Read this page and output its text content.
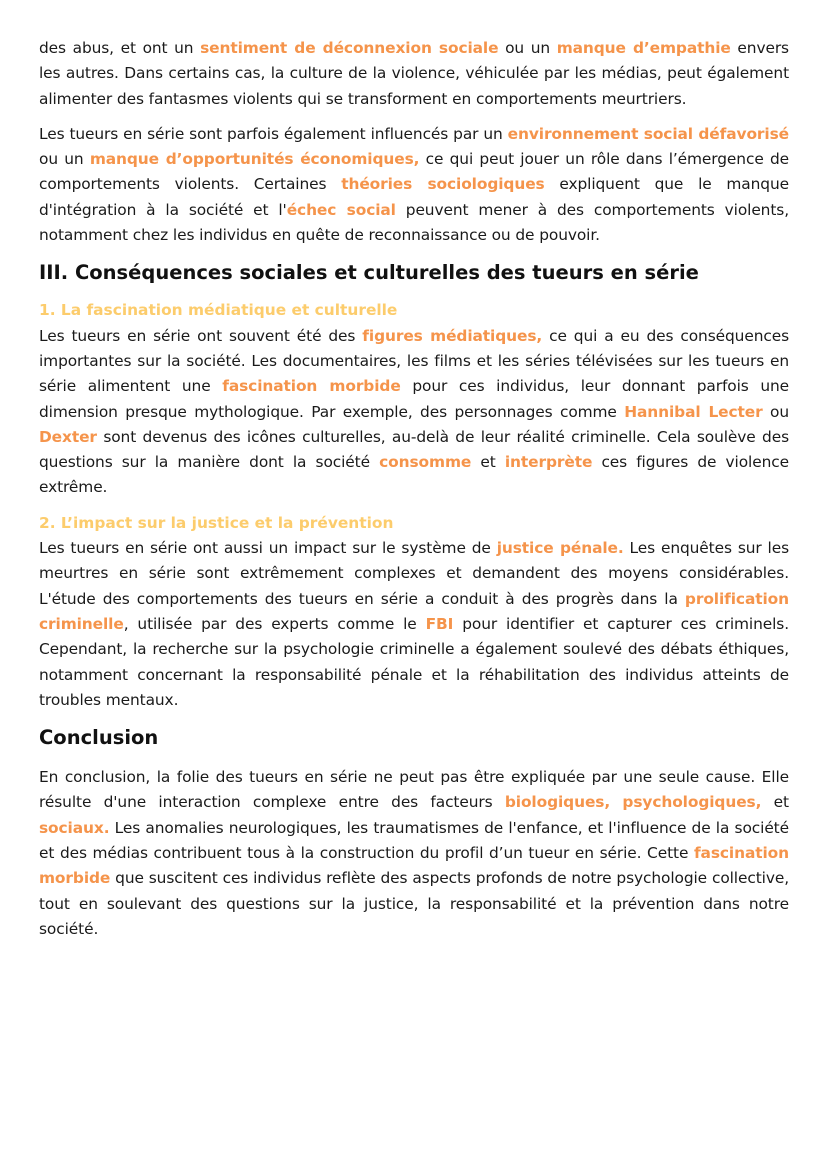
des abus, et ont un sentiment de déconnexion sociale ou un manque d’empathie envers les autres. Dans certains cas, la culture de la violence, véhiculée par les médias, peut également alimenter des fantasmes violents qui se transforment en comportements meurtriers.

Les tueurs en série sont parfois également influencés par un environnement social défavorisé ou un manque d’opportunités économiques, ce qui peut jouer un rôle dans l’émergence de comportements violents. Certaines théories sociologiques expliquent que le manque d'intégration à la société et l'échec social peuvent mener à des comportements violents, notamment chez les individus en quête de reconnaissance ou de pouvoir.

III. Conséquences sociales et culturelles des tueurs en série
1. La fascination médiatique et culturelle

Les tueurs en série ont souvent été des figures médiatiques, ce qui a eu des conséquences importantes sur la société. Les documentaires, les films et les séries télévisées sur les tueurs en série alimentent une fascination morbide pour ces individus, leur donnant parfois une dimension presque mythologique. Par exemple, des personnages comme Hannibal Lecter ou Dexter sont devenus des icônes culturelles, au-delà de leur réalité criminelle. Cela soulève des questions sur la manière dont la société consomme et interprète ces figures de violence extrême.

2. L’impact sur la justice et la prévention

Les tueurs en série ont aussi un impact sur le système de justice pénale. Les enquêtes sur les meurtres en série sont extrêmement complexes et demandent des moyens considérables. L'étude des comportements des tueurs en série a conduit à des progrès dans la prolification criminelle, utilisée par des experts comme le FBI pour identifier et capturer ces criminels. Cependant, la recherche sur la psychologie criminelle a également soulevé des débats éthiques, notamment concernant la responsabilité pénale et la réhabilitation des individus atteints de troubles mentaux.

Conclusion

En conclusion, la folie des tueurs en série ne peut pas être expliquée par une seule cause. Elle résulte d'une interaction complexe entre des facteurs biologiques, psychologiques, et sociaux. Les anomalies neurologiques, les traumatismes de l'enfance, et l'influence de la société et des médias contribuent tous à la construction du profil d’un tueur en série. Cette fascination morbide que suscitent ces individus reflète des aspects profonds de notre psychologie collective, tout en soulevant des questions sur la justice, la responsabilité et la prévention dans notre société.
